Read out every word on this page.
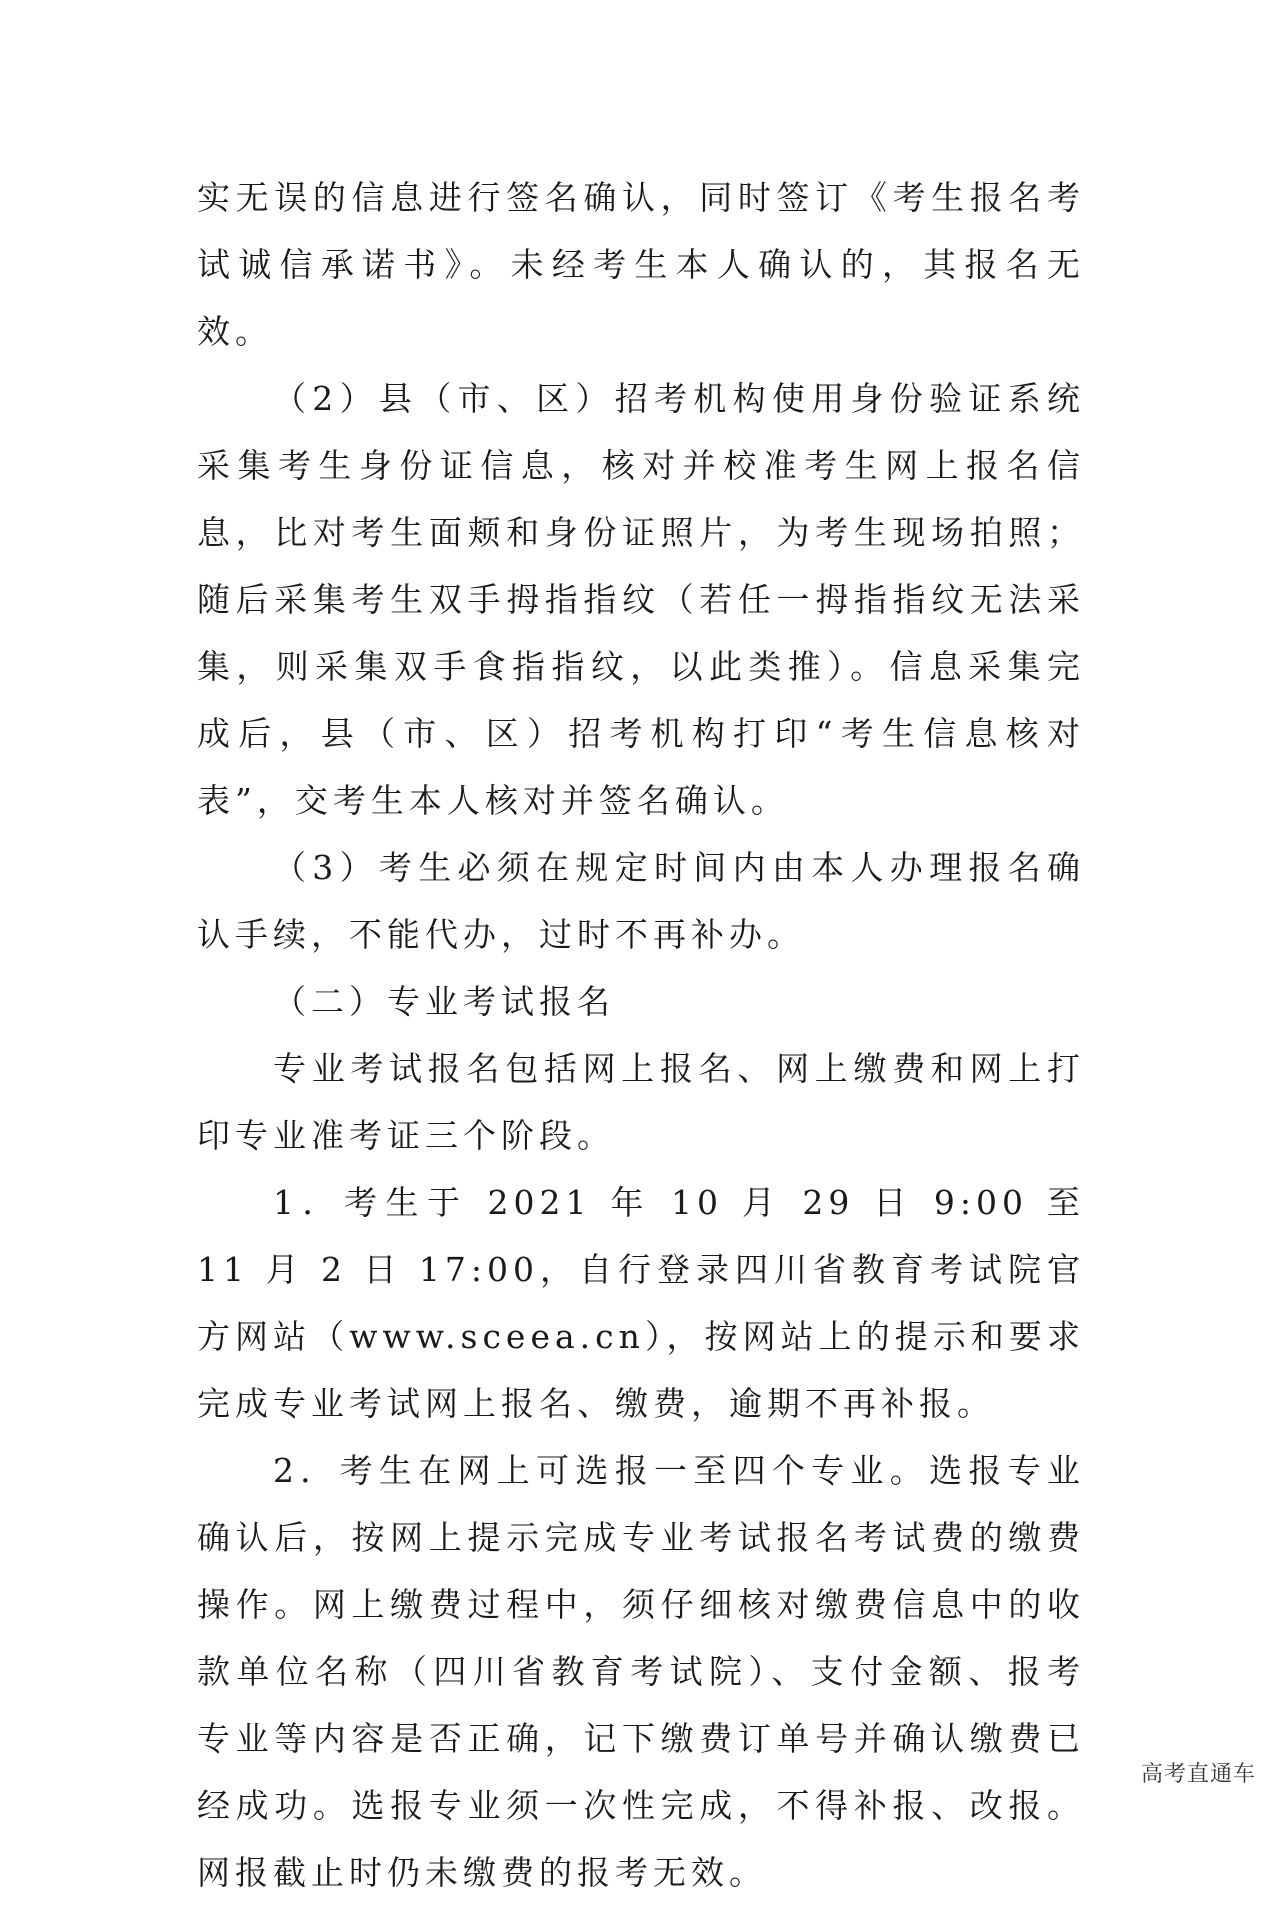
实无误的信息进行签名确认，同时签订《考生报名考试诚信承诺书》。未经考生本人确认的，其报名无效。

（2）县（市、区）招考机构使用身份验证系统采集考生身份证信息，核对并校准考生网上报名信息，比对考生面颊和身份证照片，为考生现场拍照；随后采集考生双手拇指指纹（若任一拇指指纹无法采集，则采集双手食指指纹，以此类推）。信息采集完成后，县（市、区）招考机构打印“考生信息核对表”，交考生本人核对并签名确认。

（3）考生必须在规定时间内由本人办理报名确认手续，不能代办，过时不再补办。

（二）专业考试报名

专业考试报名包括网上报名、网上缴费和网上打印专业准考证三个阶段。

1．考生于 2021 年 10 月 29 日 9:00 至 11 月 2 日 17:00，自行登录四川省教育考试院官方网站（www.sceea.cn），按网站上的提示和要求完成专业考试网上报名、缴费，逾期不再补报。

2．考生在网上可选报一至四个专业。选报专业确认后，按网上提示完成专业考试报名考试费的缴费操作。网上缴费过程中，须仔细核对缴费信息中的收款单位名称（四川省教育考试院）、支付金额、报考专业等内容是否正确，记下缴费订单号并确认缴费已经成功。选报专业须一次性完成，不得补报、改报。网报截止时仍未缴费的报考无效。

高考直通车
